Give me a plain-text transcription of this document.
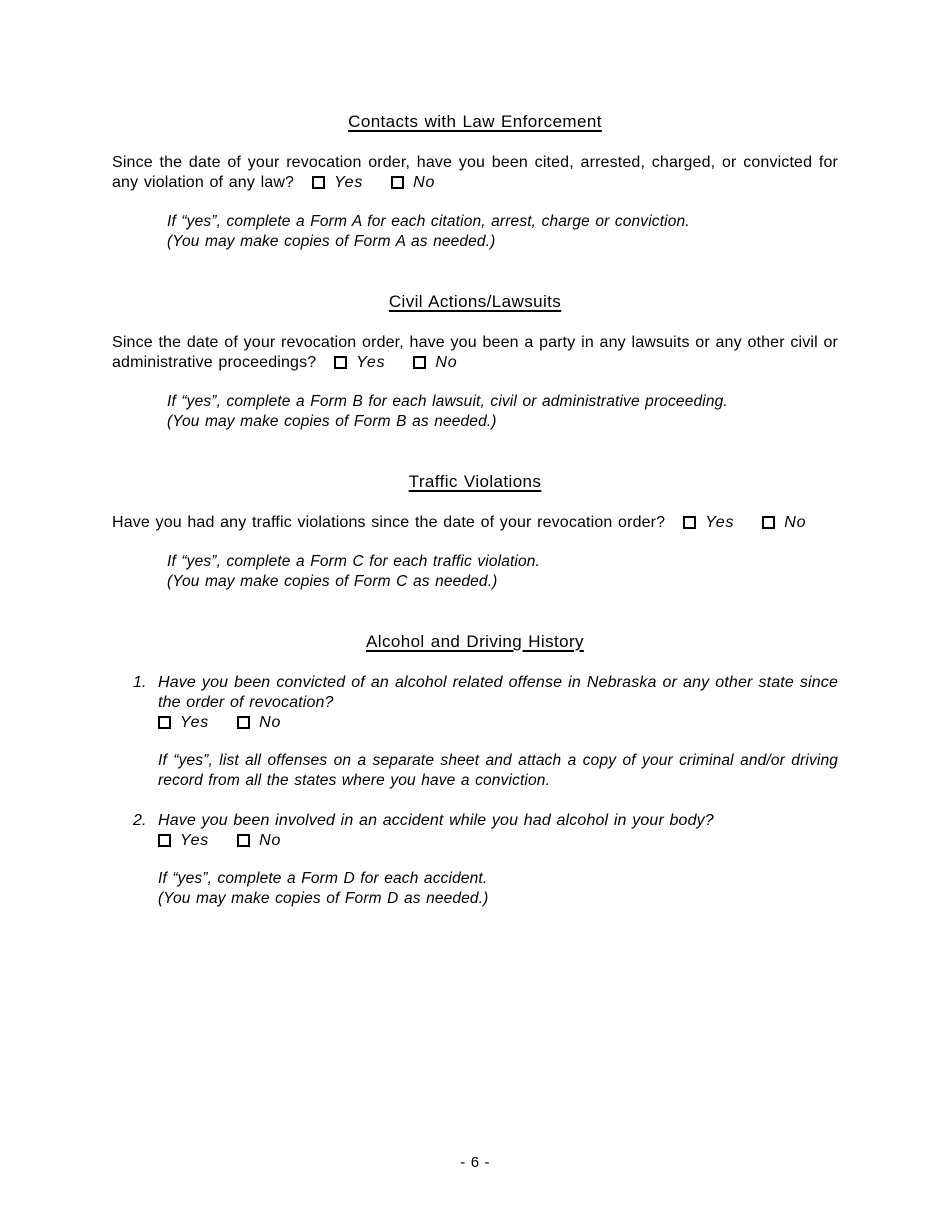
Contacts with Law Enforcement

Since the date of your revocation order, have you been cited, arrested, charged, or convicted for any violation of any law?	Yes	No

If “yes”, complete a Form A for each citation, arrest, charge or conviction.
(You may make copies of Form A as needed.)
Civil Actions/Lawsuits

Since the date of your revocation order, have you been a party in any lawsuits or any other civil or administrative proceedings?	Yes	No

If “yes”, complete a Form B for each lawsuit, civil or administrative proceeding.
(You may make copies of Form B as needed.)
Traffic Violations

Have you had any traffic violations since the date of your revocation order?	Yes	No

If “yes”, complete a Form C for each traffic violation.
(You may make copies of Form C as needed.)
Alcohol and Driving History
1. Have you been convicted of an alcohol related offense in Nebraska or any other state since the order of revocation?
Yes	No
If “yes”, list all offenses on a separate sheet and attach a copy of your criminal and/or driving record from all the states where you have a conviction.
2. Have you been involved in an accident while you had alcohol in your body?
Yes	No
If “yes”, complete a Form D for each accident.
(You may make copies of Form D as needed.)
- 6 -
